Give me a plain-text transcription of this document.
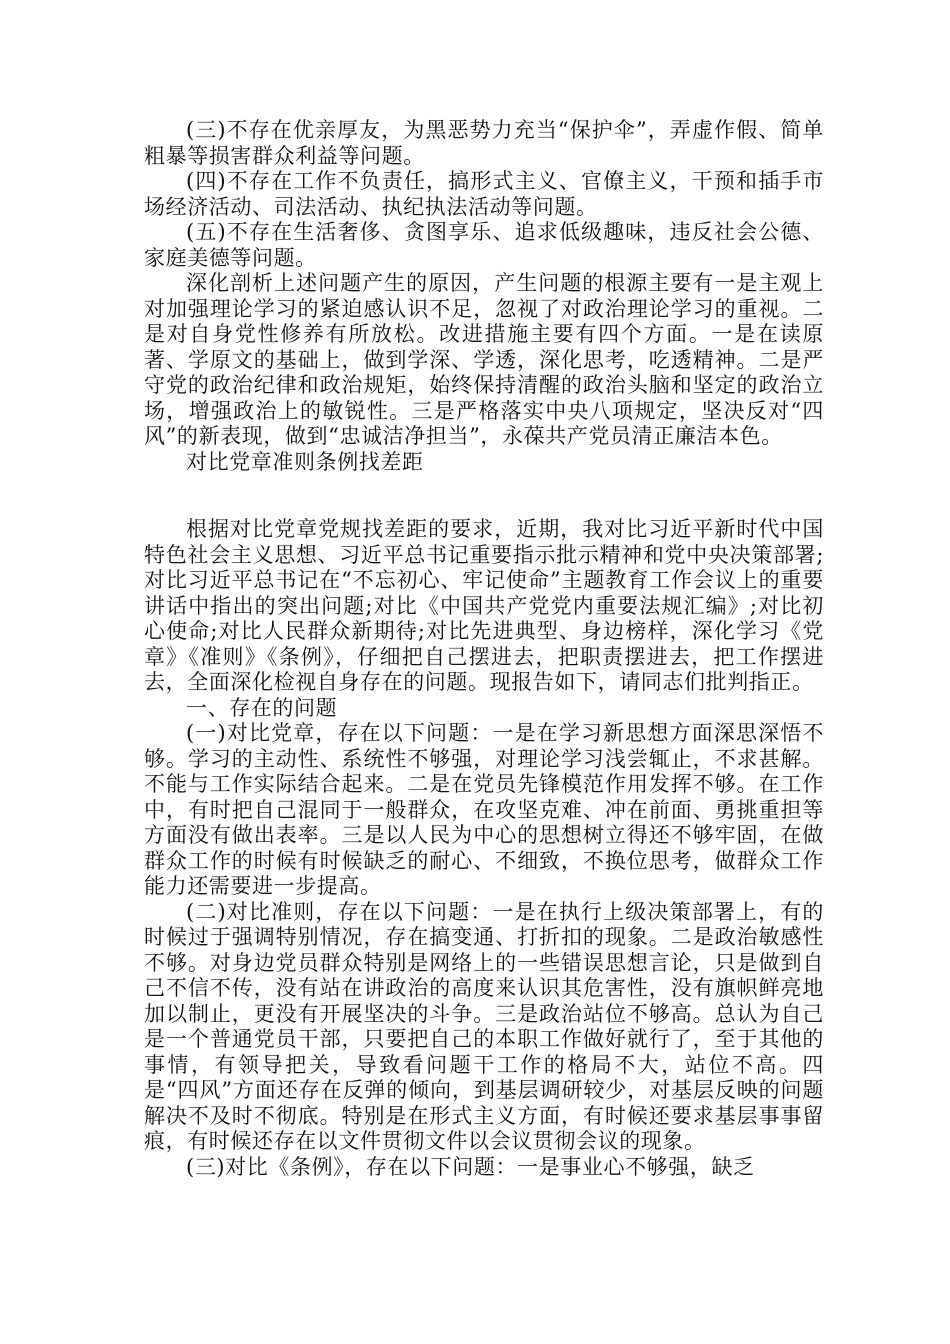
(三)不存在优亲厚友，为黑恶势力充当“保护伞”，弄虚作假、简单粗暴等损害群众利益等问题。

(四)不存在工作不负责任，搞形式主义、官僚主义，干预和插手市场经济活动、司法活动、执纪执法活动等问题。

(五)不存在生活奢侈、贪图享乐、追求低级趣味，违反社会公德、家庭美德等问题。

深化剖析上述问题产生的原因，产生问题的根源主要有一是主观上对加强理论学习的紧迫感认识不足，忽视了对政治理论学习的重视。二是对自身党性修养有所放松。改进措施主要有四个方面。一是在读原著、学原文的基础上，做到学深、学透，深化思考，吃透精神。二是严守党的政治纪律和政治规矩，始终保持清醒的政治头脑和坚定的政治立场，增强政治上的敏锐性。三是严格落实中央八项规定，坚决反对“四风”的新表现，做到“忠诚洁净担当”，永葆共产党员清正廉洁本色。

对比党章准则条例找差距

根据对比党章党规找差距的要求，近期，我对比习近平新时代中国特色社会主义思想、习近平总书记重要指示批示精神和党中央决策部署;对比习近平总书记在“不忘初心、牢记使命”主题教育工作会议上的重要讲话中指出的突出问题;对比《中国共产党党内重要法规汇编》;对比初心使命;对比人民群众新期待;对比先进典型、身边榜样，深化学习《党章》《准则》《条例》，仔细把自己摆进去，把职责摆进去，把工作摆进去，全面深化检视自身存在的问题。现报告如下，请同志们批判指正。

一、存在的问题

(一)对比党章，存在以下问题：一是在学习新思想方面深思深悟不够。学习的主动性、系统性不够强，对理论学习浅尝辄止，不求甚解。不能与工作实际结合起来。二是在党员先锋模范作用发挥不够。在工作中，有时把自己混同于一般群众，在攻坚克难、冲在前面、勇挑重担等方面没有做出表率。三是以人民为中心的思想树立得还不够牢固，在做群众工作的时候有时候缺乏的耐心、不细致，不换位思考，做群众工作能力还需要进一步提高。

(二)对比准则，存在以下问题：一是在执行上级决策部署上，有的时候过于强调特别情况，存在搞变通、打折扣的现象。二是政治敏感性不够。对身边党员群众特别是网络上的一些错误思想言论，只是做到自己不信不传，没有站在讲政治的高度来认识其危害性，没有旗帜鲜亮地加以制止，更没有开展坚决的斗争。三是政治站位不够高。总认为自己是一个普通党员干部，只要把自己的本职工作做好就行了，至于其他的事情，有领导把关，导致看问题干工作的格局不大，站位不高。四是“四风”方面还存在反弹的倾向，到基层调研较少，对基层反映的问题解决不及时不彻底。特别是在形式主义方面，有时候还要求基层事事留痕，有时候还存在以文件贯彻文件以会议贯彻会议的现象。

(三)对比《条例》，存在以下问题：一是事业心不够强，缺乏
